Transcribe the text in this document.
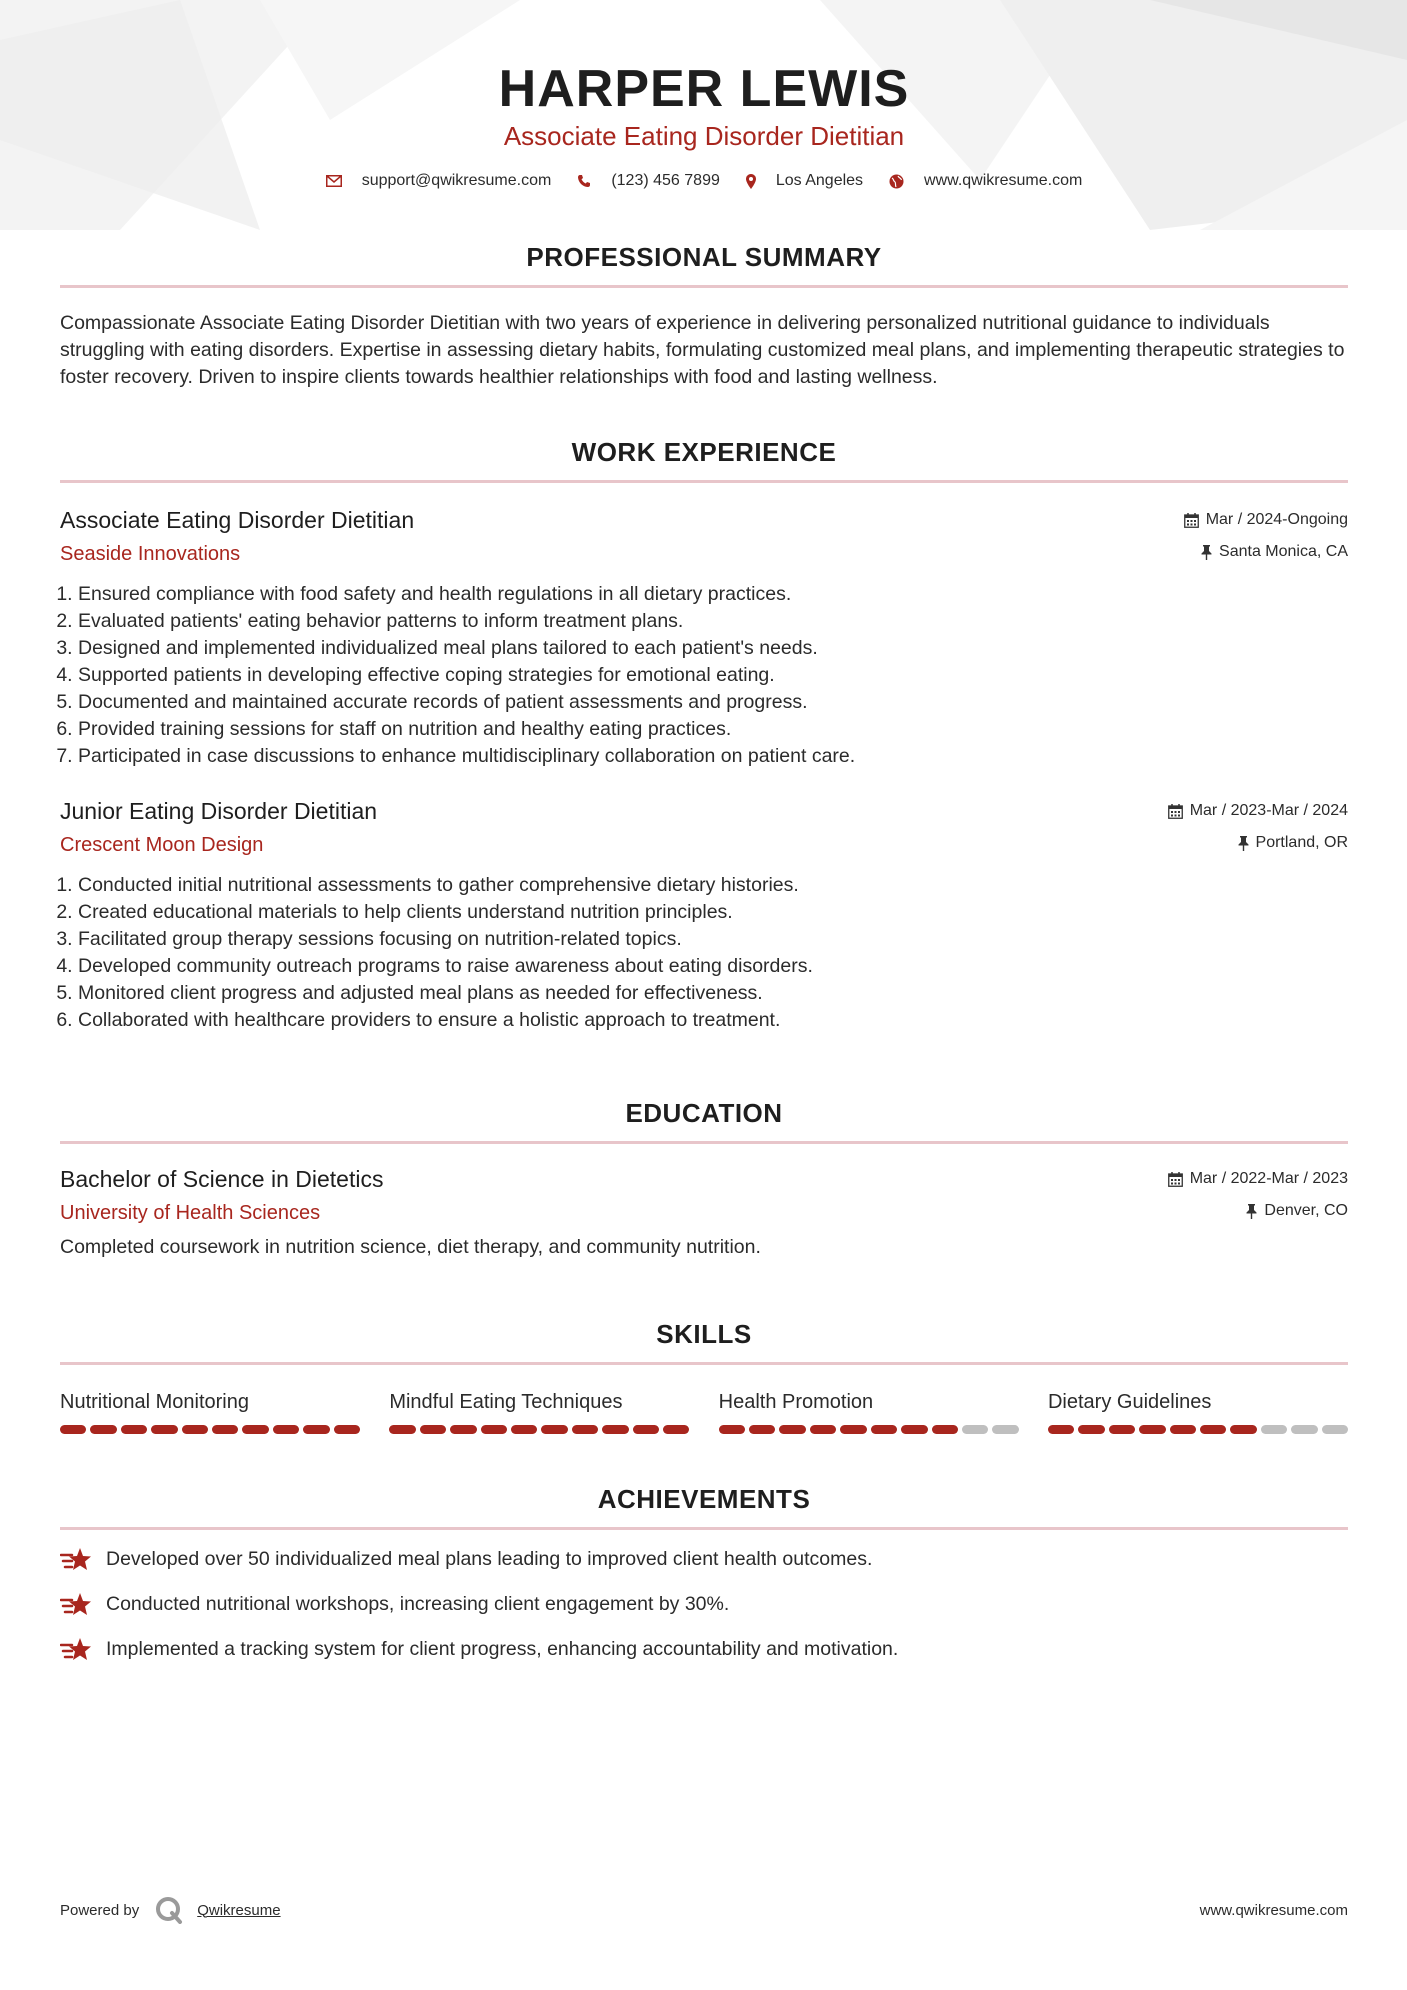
HARPER LEWIS
Associate Eating Disorder Dietitian
support@qwikresume.com	(123) 456 7899	Los Angeles	www.qwikresume.com
PROFESSIONAL SUMMARY
Compassionate Associate Eating Disorder Dietitian with two years of experience in delivering personalized nutritional guidance to individuals struggling with eating disorders. Expertise in assessing dietary habits, formulating customized meal plans, and implementing therapeutic strategies to foster recovery. Driven to inspire clients towards healthier relationships with food and lasting wellness.
WORK EXPERIENCE
Associate Eating Disorder Dietitian
Seaside Innovations
Mar / 2024-Ongoing
Santa Monica, CA
1. Ensured compliance with food safety and health regulations in all dietary practices.
2. Evaluated patients' eating behavior patterns to inform treatment plans.
3. Designed and implemented individualized meal plans tailored to each patient's needs.
4. Supported patients in developing effective coping strategies for emotional eating.
5. Documented and maintained accurate records of patient assessments and progress.
6. Provided training sessions for staff on nutrition and healthy eating practices.
7. Participated in case discussions to enhance multidisciplinary collaboration on patient care.
Junior Eating Disorder Dietitian
Crescent Moon Design
Mar / 2023-Mar / 2024
Portland, OR
1. Conducted initial nutritional assessments to gather comprehensive dietary histories.
2. Created educational materials to help clients understand nutrition principles.
3. Facilitated group therapy sessions focusing on nutrition-related topics.
4. Developed community outreach programs to raise awareness about eating disorders.
5. Monitored client progress and adjusted meal plans as needed for effectiveness.
6. Collaborated with healthcare providers to ensure a holistic approach to treatment.
EDUCATION
Bachelor of Science in Dietetics
University of Health Sciences
Mar / 2022-Mar / 2023
Denver, CO
Completed coursework in nutrition science, diet therapy, and community nutrition.
SKILLS
Nutritional Monitoring	Mindful Eating Techniques	Health Promotion	Dietary Guidelines
ACHIEVEMENTS
Developed over 50 individualized meal plans leading to improved client health outcomes.
Conducted nutritional workshops, increasing client engagement by 30%.
Implemented a tracking system for client progress, enhancing accountability and motivation.
Powered by	Qwikresume	www.qwikresume.com
